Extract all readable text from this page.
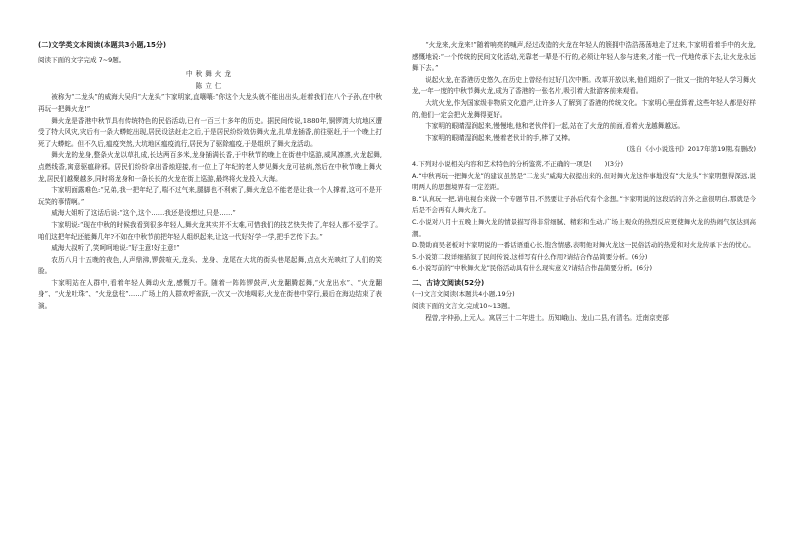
(二)文学类文本阅读(本题共3小题,15分)

阅读下面的文字完成 7~9题。

中秋舞火龙

陈立仁

被称为“二龙头”的威海大吴归“大龙头”卞家明家,直嚷嚷:“你这个大龙头就不能出出头,赶着我们在八个子孙,在中秋再玩一把舞火龙!”

舞火龙是香港中秋节具有传统特色的民俗活动,已有一百三十多年的历史。据民间传说,1880年,铜锣湾大坑地区遭受了特大风灾,灾后有一条大蟒蛇出现,居民设法赶走之后,于是居民纷纷效仿舞火龙,扎草龙插香,前往驱赶,于一个晚上打死了大蟒蛇。但不久后,瘟疫突然,大坑地区瘟疫流行,居民为了驱除瘟疫,于是组织了舞火龙活动。

舞火龙的龙身,整条火龙以草扎成,长达两百多米,龙身插满长香,于中秋节的晚上在街巷中巡游,威风凛凛,火龙起舞,点燃线香,寓意驱瘟辟邪。居民们纷纷拿出香烛迎接,有一位上了年纪的老人梦见舞火龙可祛病,然后在中秋节晚上舞火龙,居民们越聚越多,同时将龙身和一条长长的火龙在街上巡游,最终将火龙投入大海。

卞家明面露难色:“兄弟,我一把年纪了,喘不过气来,腿脚也不利索了,舞火龙总不能老是让我一个人撑着,这可不是开玩笑的事情啊。”

威海大姐听了这话后说:“这个,这个……我还是没想过,只是……”

卞家明说:“现在中秋的时候我看到很多年轻人,舞火龙其实并不太难,可惜我们的技艺快失传了,年轻人都不爱学了。咱们这把年纪还能舞几年?不如在中秋节前把年轻人组织起来,让这一代好好学一学,把手艺传下去。”

威海大叔听了,笑呵呵地说:“好主意!好主意!”

农历八月十五晚的夜色,人声鼎沸,锣鼓喧天,龙头、龙身、龙尾在大坑的街头巷尾起舞,点点火光映红了人们的笑脸。

卞家明站在人群中,看着年轻人舞动火龙,感慨万千。随着一阵阵锣鼓声,火龙翻腾起舞,“火龙出水”、“火龙翻身”、“火龙吐珠”、“火龙盘柱”……广场上的人群欢呼雀跃,一次又一次地喝彩,火龙在街巷中穿行,最后在海边结束了表演。

“火龙来,火龙来!”随着响亮的喊声,经过改造的火龙在年轻人的簇拥中浩浩荡荡地走了过来,卞家明看着手中的火龙,感慨地说:“一个传统的民间文化活动,光靠老一辈是不行的,必须让年轻人参与进来,才能一代一代地传承下去,让火龙永远舞下去。”

说起火龙,在香港历史悠久,在历史上曾经有过好几次中断。改革开放以来,他们组织了一批又一批的年轻人学习舞火龙,一年一度的中秋节舞火龙,成为了香港的一张名片,吸引着大批游客前来观看。

大坑火龙,作为国家级非物质文化遗产,让许多人了解到了香港的传统文化。卞家明心里盘算着,这些年轻人都是好样的,他们一定会把火龙舞得更好。

卞家明的眼睛湿润起来,慢慢地,他和老伙伴们一起,站在了火龙的前面,看着火龙越舞越远。

卞家明的眼睛湿润起来,慢着老伙计的手,棒了又棒。

(选自《小小说选刊》2017年第19期,有删改)

4.下列对小说相关内容和艺术特色的分析鉴赏,不正确的一项是(　　)(3分)

A.“中秋再玩一把舞火龙”的建议虽然是“二龙头”威海大叔提出来的,但对舞火龙这件事地没有“大龙头”卞家明想得深远,说明两人的思想境界有一定差距。

B.“认真玩一把,请电视台来做一个专题节目,不然要让子孙后代有个念想。”卞家明说的这段话的言外之意很明白,那就是今后是不会再有人舞火龙了。

C.小说对八月十五晚上舞火龙的情景描写得非常细腻、精彩和生动,广场上观众的热烈反应更使舞火龙的热闹气氛达到高潮。

D.赞助商吴老板对卞家明说的一番话语重心长,饱含情感,表明他对舞火龙这一民俗活动的热爱和对火龙传承下去的忧心。

5.小说第二段详细描叙了民间传说,这样写有什么作用?请结合作品简要分析。(6分)

6.小说写前的“中秋舞火龙”民俗活动具有什么现实意义?请结合作品简要分析。(6分)

二、古诗文阅读(52分)

(一)文言文阅读(本题共4小题,19分)

阅读下面的文言文,完成10~13题。

程曾,字仲孙,上元人。寓居三十二年进士。历知峨山、龙山二县,有清名。迁南京吏部
